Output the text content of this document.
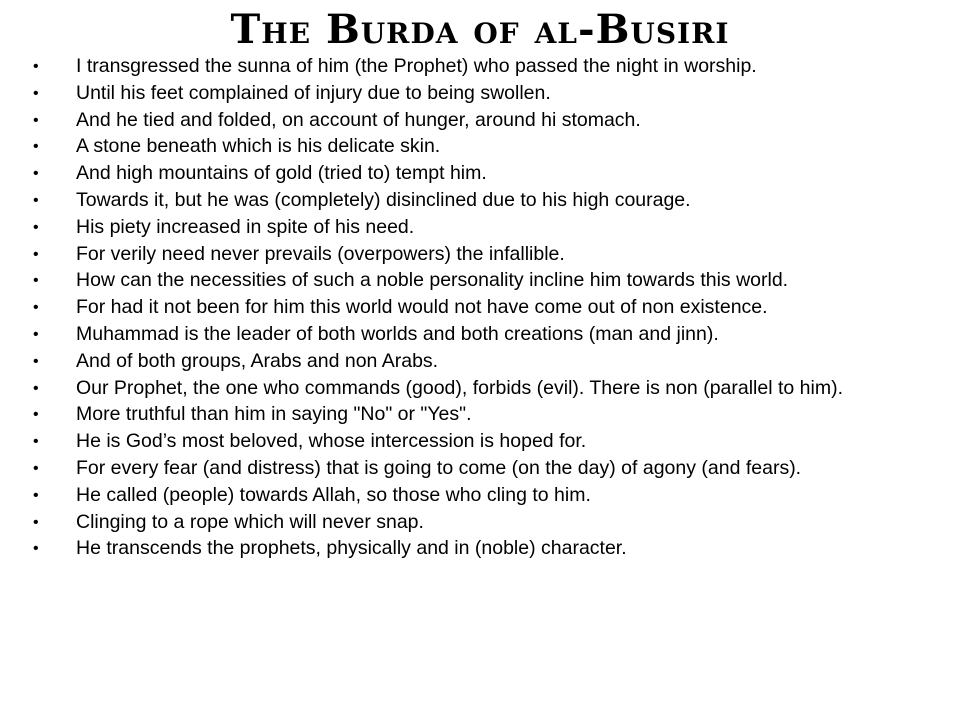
The Burda of al-Busiri
• I transgressed the sunna of him (the Prophet) who passed the night in worship.
• Until his feet complained of injury due to being swollen.
• And he tied and folded, on account of hunger, around hi stomach.
• A stone beneath which is his delicate skin.
• And high mountains of gold (tried to) tempt him.
• Towards it, but he was (completely) disinclined due to his high courage.
• His piety increased in spite of his need.
• For verily need never prevails (overpowers) the infallible.
• How can the necessities of such a noble personality incline him towards this world.
• For had it not been for him this world would not have come out of non existence.
• Muhammad is the leader of both worlds and both creations (man and jinn).
• And of both groups, Arabs and non Arabs.
• Our Prophet, the one who commands (good), forbids (evil). There is non (parallel to him).
• More truthful than him in saying "No" or "Yes".
• He is God’s most beloved, whose intercession is hoped for.
• For every fear (and distress) that is going to come (on the day) of agony (and fears).
• He called (people) towards Allah, so those who cling to him.
• Clinging to a rope which will never snap.
• He transcends the prophets, physically and in (noble) character.
